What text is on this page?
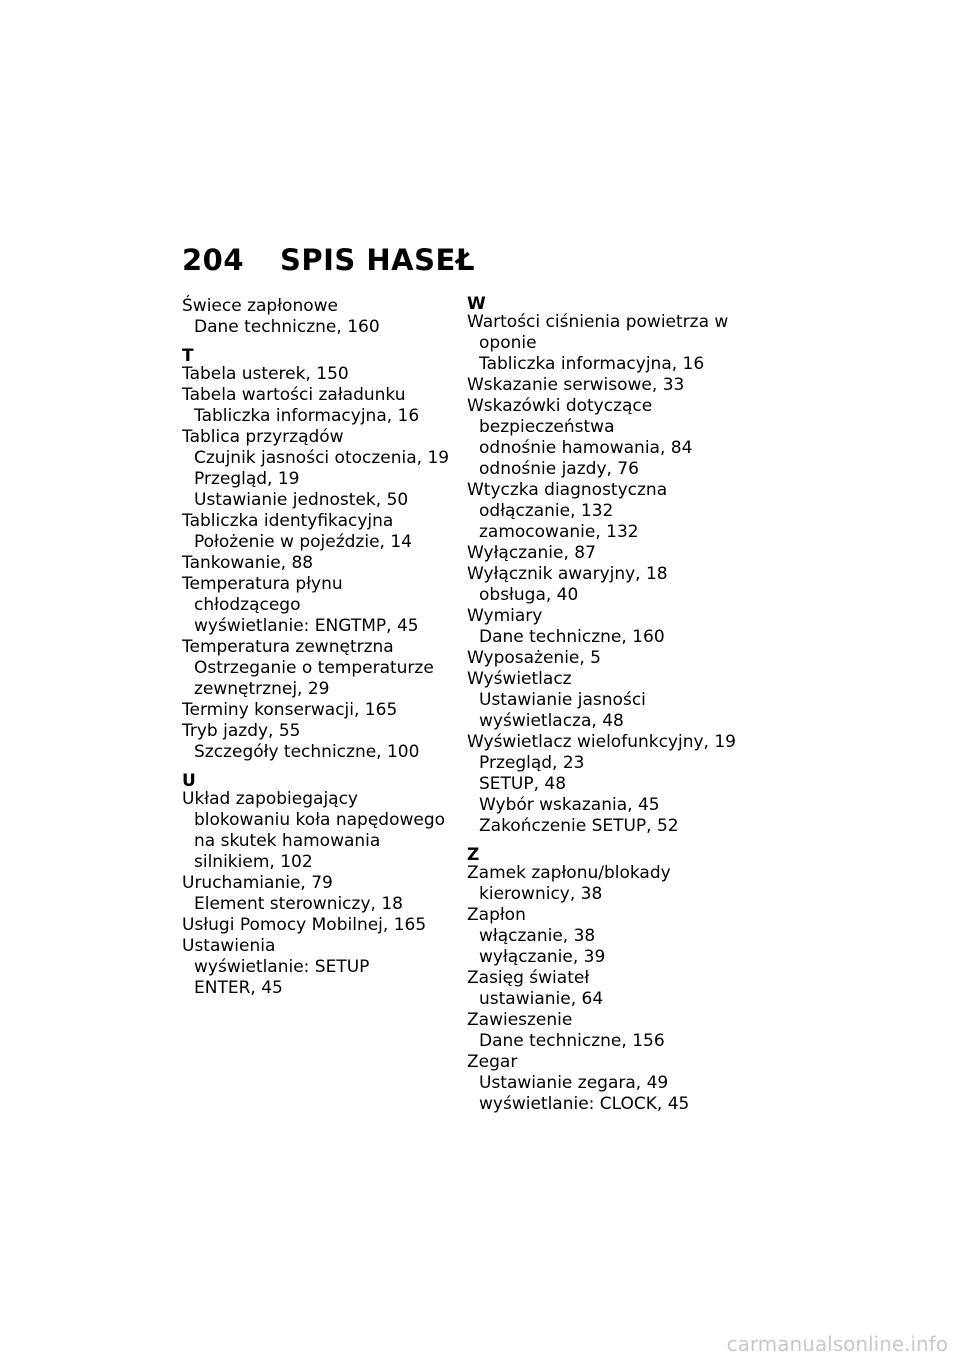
204 SPIS HASEŁ
Świece zapłonowe
Dane techniczne, 160
T
Tabela usterek, 150
Tabela wartości załadunku
Tabliczka informacyjna, 16
Tablica przyrządów
Czujnik jasności otoczenia, 19
Przegląd, 19
Ustawianie jednostek, 50
Tabliczka identyfikacyjna
Położenie w pojeździe, 14
Tankowanie, 88
Temperatura płynu
chłodzącego
wyświetlanie: ENGTMP, 45
Temperatura zewnętrzna
Ostrzeganie o temperaturze
zewnętrznej, 29
Terminy konserwacji, 165
Tryb jazdy, 55
Szczegóły techniczne, 100
U
Układ zapobiegający
blokowaniu koła napędowego
na skutek hamowania
silnikiem, 102
Uruchamianie, 79
Element sterowniczy, 18
Usługi Pomocy Mobilnej, 165
Ustawienia
wyświetlanie: SETUP
ENTER, 45
W
Wartości ciśnienia powietrza w
oponie
Tabliczka informacyjna, 16
Wskazanie serwisowe, 33
Wskazówki dotyczące
bezpieczeństwa
odnośnie hamowania, 84
odnośnie jazdy, 76
Wtyczka diagnostyczna
odłączanie, 132
zamocowanie, 132
Wyłączanie, 87
Wyłącznik awaryjny, 18
obsługa, 40
Wymiary
Dane techniczne, 160
Wyposażenie, 5
Wyświetlacz
Ustawianie jasności
wyświetlacza, 48
Wyświetlacz wielofunkcyjny, 19
Przegląd, 23
SETUP, 48
Wybór wskazania, 45
Zakończenie SETUP, 52
Z
Zamek zapłonu/blokady
kierownicy, 38
Zapłon
włączanie, 38
wyłączanie, 39
Zasięg świateł
ustawianie, 64
Zawieszenie
Dane techniczne, 156
Zegar
Ustawianie zegara, 49
wyświetlanie: CLOCK, 45
carmanualsonline.info
